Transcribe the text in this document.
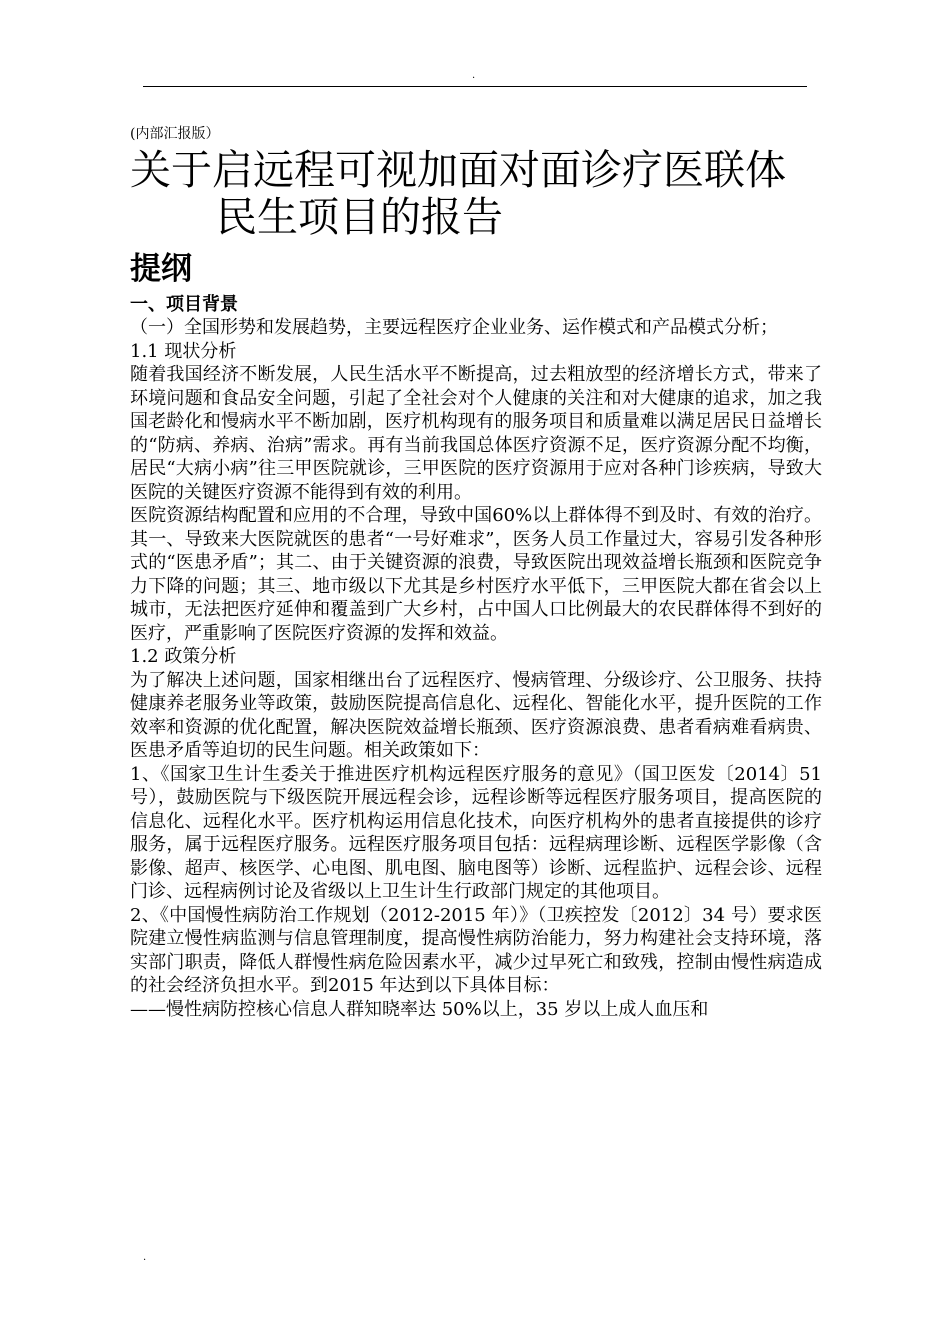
.

(内部汇报版）

关于启远程可视加面对面诊疗医联体
民生项目的报告
提纲

一、项目背景

（一）全国形势和发展趋势，主要远程医疗企业业务、运作模式和产品模式分析；

1.1 现状分析

随着我国经济不断发展，人民生活水平不断提高，过去粗放型的经济增长方式，带来了环境问题和食品安全问题，引起了全社会对个人健康的关注和对大健康的追求，加之我国老龄化和慢病水平不断加剧，医疗机构现有的服务项目和质量难以满足居民日益增长的“防病、养病、治病”需求。再有当前我国总体医疗资源不足，医疗资源分配不均衡，居民“大病小病”往三甲医院就诊，三甲医院的医疗资源用于应对各种门诊疾病，导致大医院的关键医疗资源不能得到有效的利用。

医院资源结构配置和应用的不合理，导致中国60%以上群体得不到及时、有效的治疗。其一、导致来大医院就医的患者“一号好难求”，医务人员工作量过大，容易引发各种形式的“医患矛盾”；其二、由于关键资源的浪费，导致医院出现效益增长瓶颈和医院竞争力下降的问题；其三、地市级以下尤其是乡村医疗水平低下，三甲医院大都在省会以上城市，无法把医疗延伸和覆盖到广大乡村，占中国人口比例最大的农民群体得不到好的医疗，严重影响了医院医疗资源的发挥和效益。

1.2 政策分析

为了解决上述问题，国家相继出台了远程医疗、慢病管理、分级诊疗、公卫服务、扶持健康养老服务业等政策，鼓励医院提高信息化、远程化、智能化水平，提升医院的工作效率和资源的优化配置，解决医院效益增长瓶颈、医疗资源浪费、患者看病难看病贵、医患矛盾等迫切的民生问题。相关政策如下：

1、《国家卫生计生委关于推进医疗机构远程医疗服务的意见》（国卫医发〔2014〕51 号），鼓励医院与下级医院开展远程会诊，远程诊断等远程医疗服务项目，提高医院的信息化、远程化水平。医疗机构运用信息化技术，向医疗机构外的患者直接提供的诊疗服务，属于远程医疗服务。远程医疗服务项目包括：远程病理诊断、远程医学影像（含影像、超声、核医学、心电图、肌电图、脑电图等）诊断、远程监护、远程会诊、远程门诊、远程病例讨论及省级以上卫生计生行政部门规定的其他项目。

2、《中国慢性病防治工作规划（2012-2015 年）》（卫疾控发〔2012〕34 号）要求医院建立慢性病监测与信息管理制度，提高慢性病防治能力，努力构建社会支持环境，落实部门职责，降低人群慢性病危险因素水平，减少过早死亡和致残，控制由慢性病造成的社会经济负担水平。到2015 年达到以下具体目标：

——慢性病防控核心信息人群知晓率达 50%以上，35 岁以上成人血压和

.
